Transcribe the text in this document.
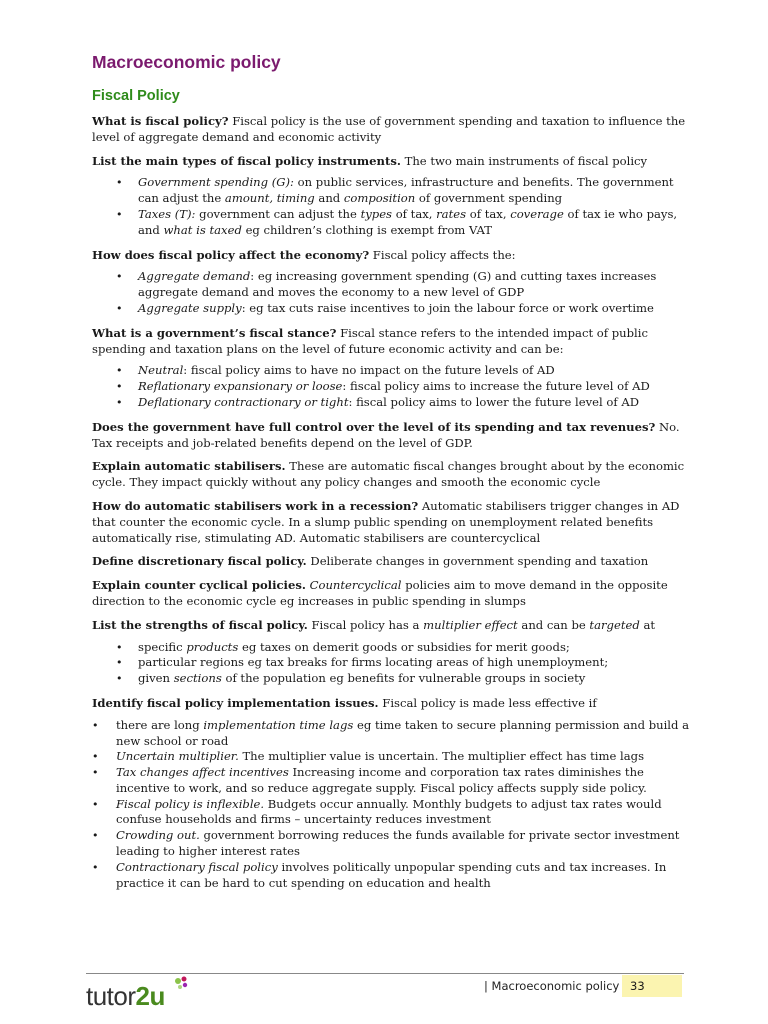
Macroeconomic policy
Fiscal Policy

What is fiscal policy? Fiscal policy is the use of government spending and taxation to influence the level of aggregate demand and economic activity

List the main types of fiscal policy instruments. The two main instruments of fiscal policy

• Government spending (G): on public services, infrastructure and benefits. The government can adjust the amount, timing and composition of government spending
• Taxes (T): government can adjust the types of tax, rates of tax, coverage of tax ie who pays, and what is taxed eg children’s clothing is exempt from VAT

How does fiscal policy affect the economy? Fiscal policy affects the:

• Aggregate demand: eg increasing government spending (G) and cutting taxes increases aggregate demand and moves the economy to a new level of GDP
• Aggregate supply: eg tax cuts raise incentives to join the labour force or work overtime

What is a government’s fiscal stance? Fiscal stance refers to the intended impact of public spending and taxation plans on the level of future economic activity and can be:

• Neutral: fiscal policy aims to have no impact on the future levels of AD
• Reflationary expansionary or loose: fiscal policy aims to increase the future level of AD
• Deflationary contractionary or tight: fiscal policy aims to lower the future level of AD

Does the government have full control over the level of its spending and tax revenues? No. Tax receipts and job-related benefits depend on the level of GDP.

Explain automatic stabilisers. These are automatic fiscal changes brought about by the economic cycle. They impact quickly without any policy changes and smooth the economic cycle

How do automatic stabilisers work in a recession? Automatic stabilisers trigger changes in AD that counter the economic cycle. In a slump public spending on unemployment related benefits automatically rise, stimulating AD. Automatic stabilisers are countercyclical

Define discretionary fiscal policy. Deliberate changes in government spending and taxation

Explain counter cyclical policies. Countercyclical policies aim to move demand in the opposite direction to the economic cycle eg increases in public spending in slumps

List the strengths of fiscal policy. Fiscal policy has a multiplier effect and can be targeted at

• specific products eg taxes on demerit goods or subsidies for merit goods;
• particular regions eg tax breaks for firms locating areas of high unemployment;
• given sections of the population eg benefits for vulnerable groups in society

Identify fiscal policy implementation issues. Fiscal policy is made less effective if

• there are long implementation time lags eg time taken to secure planning permission and build a new school or road
• Uncertain multiplier. The multiplier value is uncertain. The multiplier effect has time lags
• Tax changes affect incentives Increasing income and corporation tax rates diminishes the incentive to work, and so reduce aggregate supply. Fiscal policy affects supply side policy.
• Fiscal policy is inflexible. Budgets occur annually. Monthly budgets to adjust tax rates would confuse households and firms – uncertainty reduces investment
• Crowding out. government borrowing reduces the funds available for private sector investment leading to higher interest rates
• Contractionary fiscal policy involves politically unpopular spending cuts and tax increases. In practice it can be hard to cut spending on education and health
tutor2u	| Macroeconomic policy 33
